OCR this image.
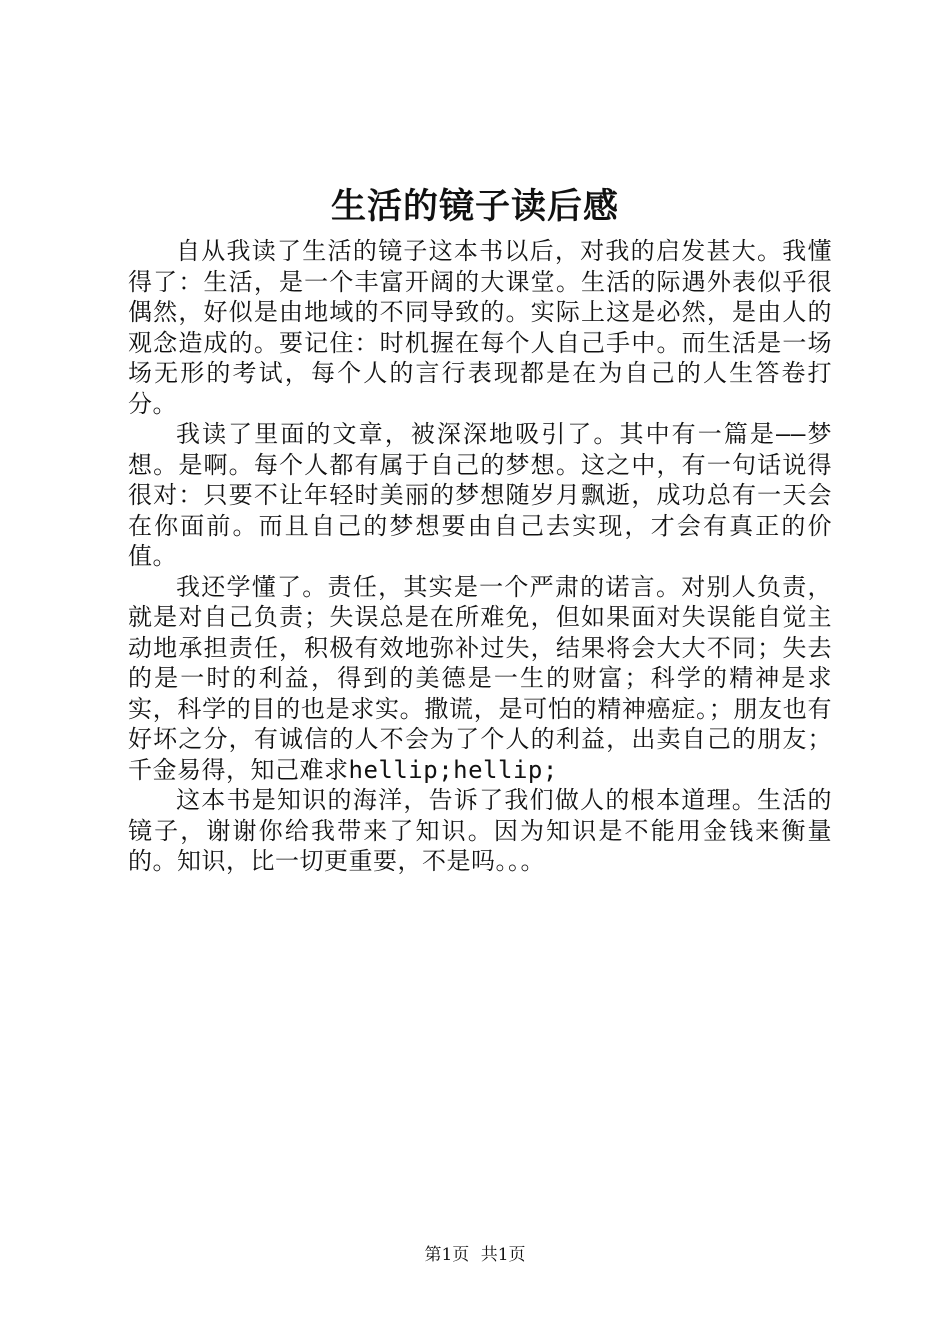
生活的镜子读后感

自从我读了生活的镜子这本书以后，对我的启发甚大。我懂得了：生活，是一个丰富开阔的大课堂。生活的际遇外表似乎很偶然，好似是由地域的不同导致的。实际上这是必然，是由人的观念造成的。要记住：时机握在每个人自己手中。而生活是一场场无形的考试，每个人的言行表现都是在为自己的人生答卷打分。

我读了里面的文章，被深深地吸引了。其中有一篇是——梦想。是啊。每个人都有属于自己的梦想。这之中，有一句话说得很对：只要不让年轻时美丽的梦想随岁月飘逝，成功总有一天会在你面前。而且自己的梦想要由自己去实现，才会有真正的价值。

我还学懂了。责任，其实是一个严肃的诺言。对别人负责，就是对自己负责；失误总是在所难免，但如果面对失误能自觉主动地承担责任，积极有效地弥补过失，结果将会大大不同；失去的是一时的利益，得到的美德是一生的财富；科学的精神是求实，科学的目的也是求实。撒谎，是可怕的精神癌症。；朋友也有好坏之分，有诚信的人不会为了个人的利益，出卖自己的朋友；千金易得，知己难求hellip;hellip;

这本书是知识的海洋，告诉了我们做人的根本道理。生活的镜子，谢谢你给我带来了知识。因为知识是不能用金钱来衡量的。知识，比一切更重要，不是吗。。。

第1页 共1页
